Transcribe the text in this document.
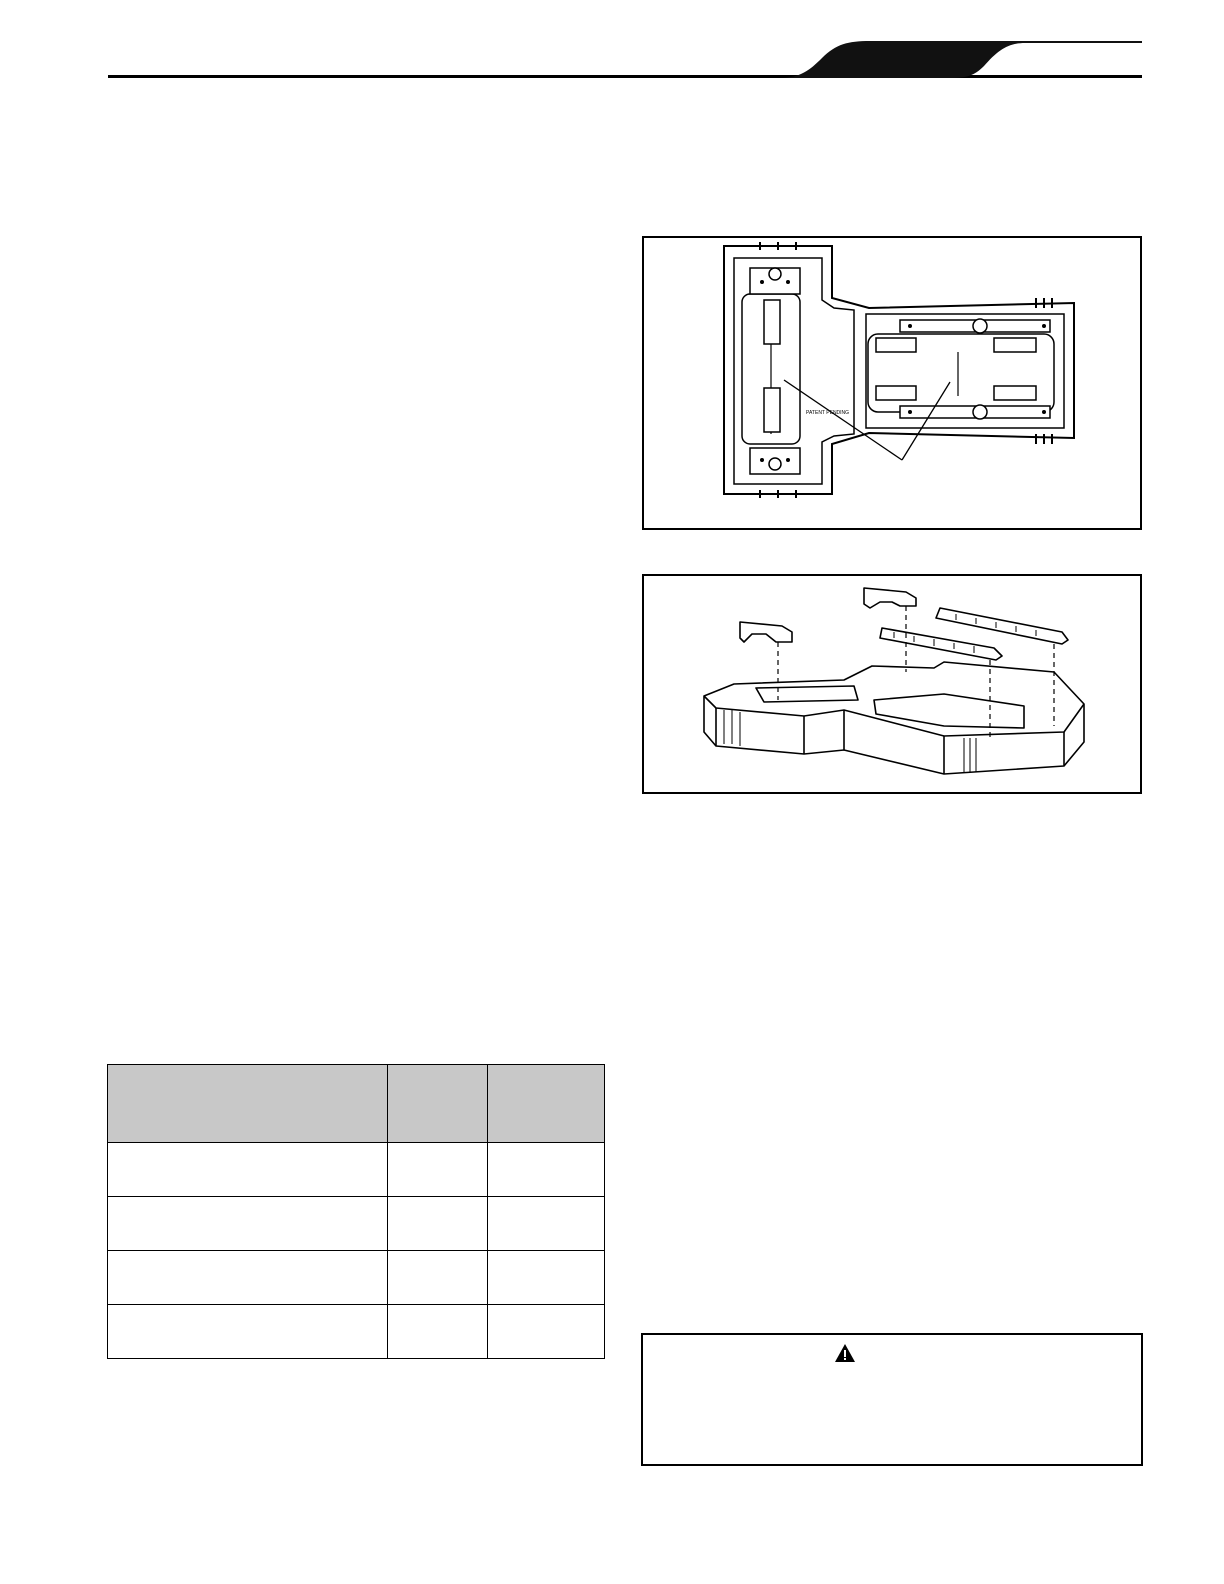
PATENT PENDING
